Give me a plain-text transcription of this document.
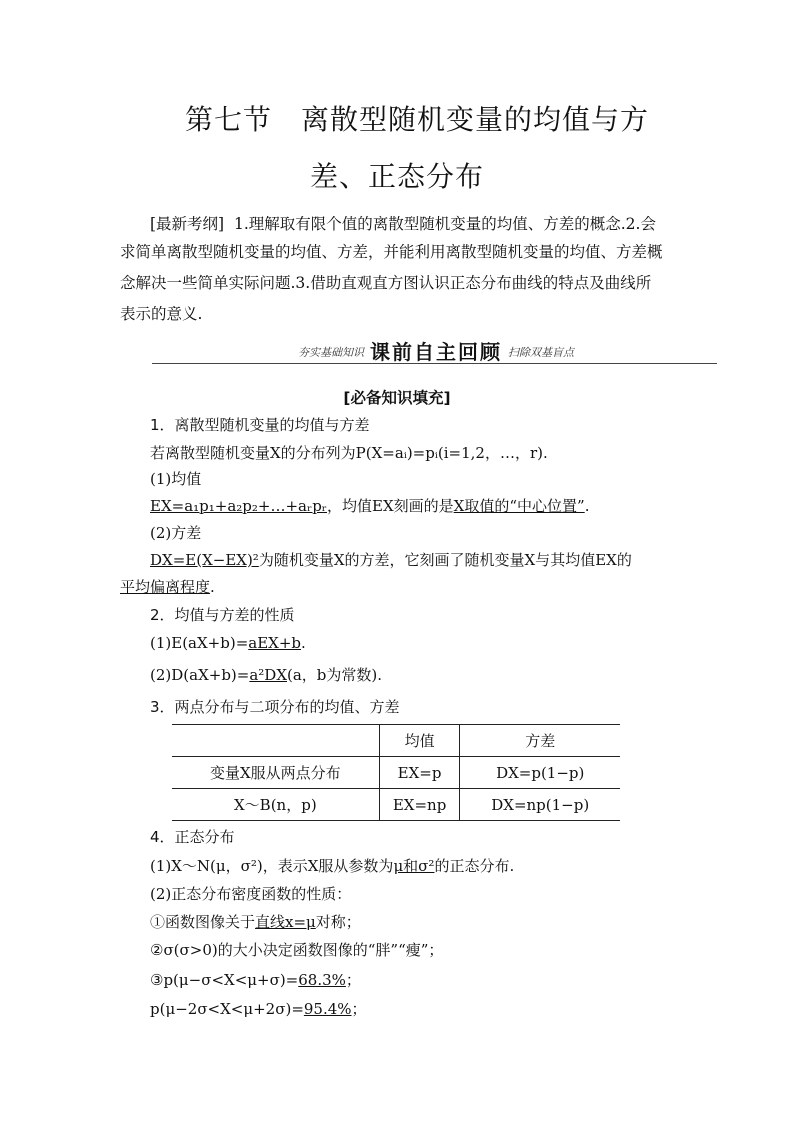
第七节　离散型随机变量的均值与方
差、正态分布
[最新考纲] 1.理解取有限个值的离散型随机变量的均值、方差的概念.2.会

求简单离散型随机变量的均值、方差，并能利用离散型随机变量的均值、方差概
念解决一些简单实际问题.3.借助直观直方图认识正态分布曲线的特点及曲线所
表示的意义.
夯实基础知识 课前自主回顾 扫除双基盲点
[必备知识填充]
1．离散型随机变量的均值与方差
若离散型随机变量X的分布列为P(X=aᵢ)=pᵢ(i=1,2，…，r).
(1)均值
EX=a₁p₁+a₂p₂+…+aᵣpᵣ，均值EX刻画的是X取值的“中心位置”.
(2)方差
DX=E(X−EX)²为随机变量X的方差，它刻画了随机变量X与其均值EX的
平均偏离程度.
2．均值与方差的性质
(1)E(aX+b)=aEX+b.
(2)D(aX+b)=a²DX(a，b为常数).
3．两点分布与二项分布的均值、方差
	均值	方差
变量X服从两点分布	EX=p	DX=p(1−p)
X～B(n，p)	EX=np	DX=np(1−p)
4．正态分布
(1)X～N(μ，σ²)，表示X服从参数为μ和σ²的正态分布.
(2)正态分布密度函数的性质：
①函数图像关于直线x=μ对称；
②σ(σ>0)的大小决定函数图像的“胖”“瘦”；
③p(μ−σ<X<μ+σ)=68.3%；
p(μ−2σ<X<μ+2σ)=95.4%；
